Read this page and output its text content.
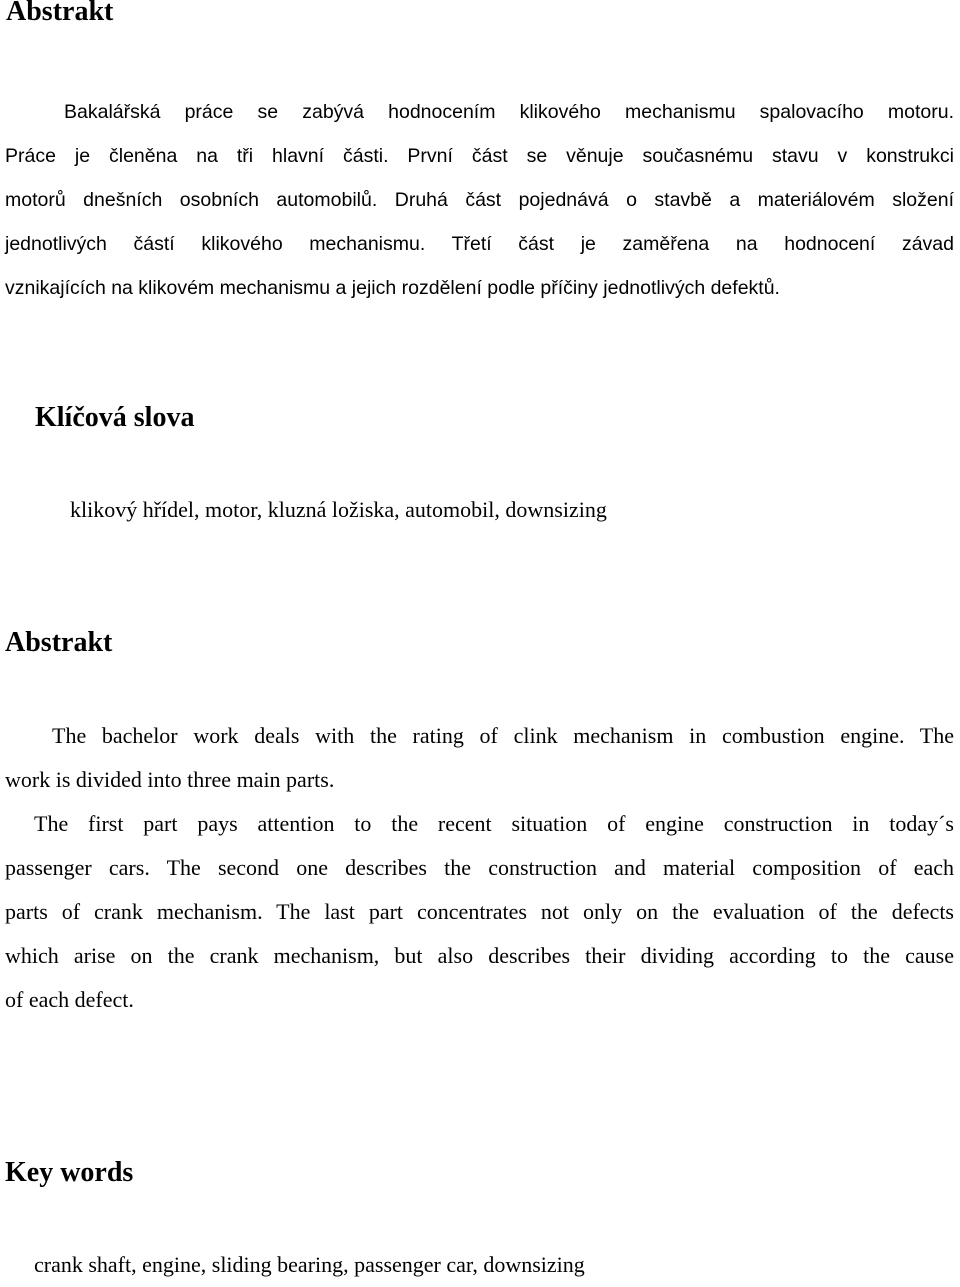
Abstrakt
Bakalářská práce se zabývá hodnocením klikového mechanismu spalovacího motoru.
Práce je členěna na tři hlavní části. První část se věnuje současnému stavu v konstrukci
motorů dnešních osobních automobilů. Druhá část pojednává o stavbě a materiálovém složení
jednotlivých částí klikového mechanismu. Třetí část je zaměřena na hodnocení závad
vznikajících na klikovém mechanismu a jejich rozdělení podle příčiny jednotlivých defektů.
Klíčová slova

klikový hřídel, motor, kluzná ložiska, automobil, downsizing

Abstrakt
The bachelor work deals with the rating of clink mechanism in combustion engine. The
work is divided into three main parts.
The first part pays attention to the recent situation of engine construction in today´s
passenger cars. The second one describes the construction and material composition of each
parts of crank mechanism. The last part concentrates not only on the evaluation of the defects
which arise on the crank mechanism, but also describes their dividing according to the cause
of each defect.
Key words

crank shaft, engine, sliding bearing, passenger car, downsizing
